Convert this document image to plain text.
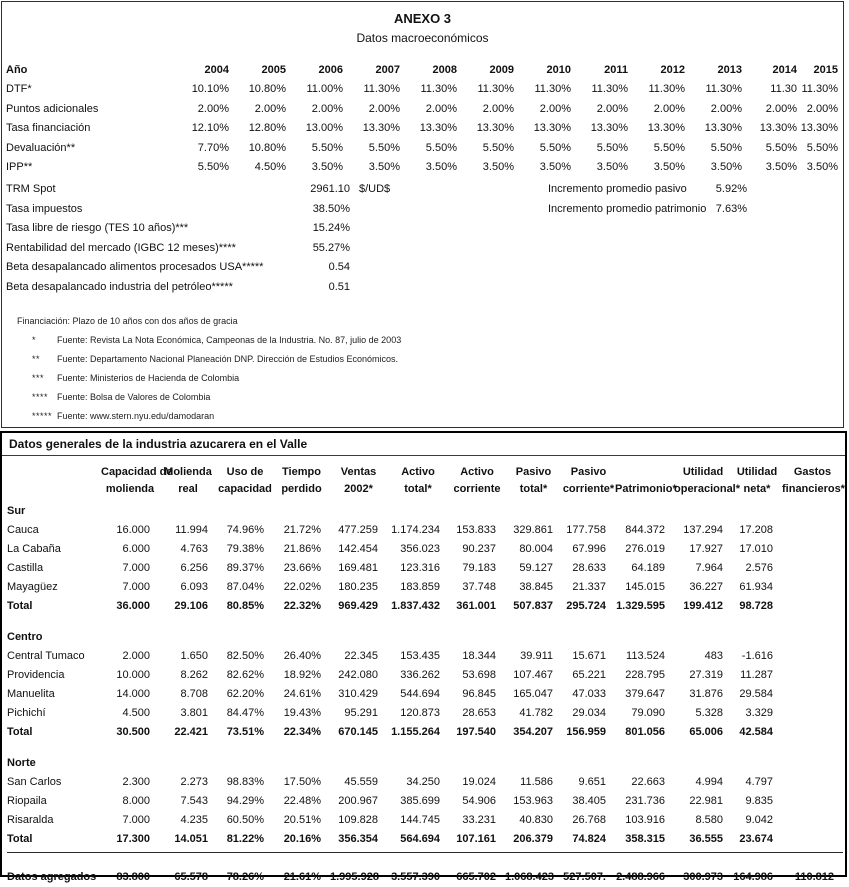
ANEXO 3
Datos macroeconómicos
Año	2004	2005	2006	2007	2008	2009	2010	2011	2012	2013	2014	2015
DTF*	10.10%	10.80%	11.00%	11.30%	11.30%	11.30%	11.30%	11.30%	11.30%	11.30%	11.30	11.30%
Puntos adicionales	2.00%	2.00%	2.00%	2.00%	2.00%	2.00%	2.00%	2.00%	2.00%	2.00%	2.00%	2.00%
Tasa financiación	12.10%	12.80%	13.00%	13.30%	13.30%	13.30%	13.30%	13.30%	13.30%	13.30%	13.30%	13.30%
Devaluación**	7.70%	10.80%	5.50%	5.50%	5.50%	5.50%	5.50%	5.50%	5.50%	5.50%	5.50%	5.50%
IPP**	5.50%	4.50%	3.50%	3.50%	3.50%	3.50%	3.50%	3.50%	3.50%	3.50%	3.50%	3.50%
TRM Spot	2961.10 $/UD$	Incremento promedio pasivo	5.92%
Tasa impuestos	38.50%	Incremento promedio patrimonio 7.63%
Tasa libre de riesgo (TES 10 años)***	15.24%
Rentabilidad del mercado (IGBC 12 meses)****	55.27%
Beta desapalancado alimentos procesados USA*****	0.54
Beta desapalancado industria del petróleo*****	0.51
Financiación: Plazo de 10 años con dos años de gracia
* Fuente: Revista La Nota Económica, Campeonas de la Industria. No. 87, julio de 2003
** Fuente: Departamento Nacional Planeación DNP. Dirección de Estudios Económicos.
*** Fuente: Ministerios de Hacienda de Colombia
**** Fuente: Bolsa de Valores de Colombia
***** Fuente: www.stern.nyu.edu/damodaran
Datos generales de la industria azucarera en el Valle
	Capacidad de	Molienda	Uso de	Tiempo	Ventas	Activo	Activo	Pasivo	Pasivo		Utilidad	Utilidad	Gastos
	molienda	real	capacidad	perdido	2002*	total*	corriente	total*	corriente*	Patrimonio*	operacional*	neta*	financieros*

Sur													
Cauca	16.000	11.994	74.96%	21.72%	477.259	1.174.234	153.833	329.861	177.758	844.372	137.294	17.208	
La Cabaña	6.000	4.763	79.38%	21.86%	142.454	356.023	90.237	80.004	67.996	276.019	17.927	17.010	
Castilla	7.000	6.256	89.37%	23.66%	169.481	123.316	79.183	59.127	28.633	64.189	7.964	2.576	
Mayagüez	7.000	6.093	87.04%	22.02%	180.235	183.859	37.748	38.845	21.337	145.015	36.227	61.934	
Total	36.000	29.106	80.85%	22.32%	969.429	1.837.432	361.001	507.837	295.724	1.329.595	199.412	98.728	

Centro													
Central Tumaco	2.000	1.650	82.50%	26.40%	22.345	153.435	18.344	39.911	15.671	113.524	483	-1.616	
Providencia	10.000	8.262	82.62%	18.92%	242.080	336.262	53.698	107.467	65.221	228.795	27.319	11.287	
Manuelita	14.000	8.708	62.20%	24.61%	310.429	544.694	96.845	165.047	47.033	379.647	31.876	29.584	
Pichichí	4.500	3.801	84.47%	19.43%	95.291	120.873	28.653	41.782	29.034	79.090	5.328	3.329	
Total	30.500	22.421	73.51%	22.34%	670.145	1.155.264	197.540	354.207	156.959	801.056	65.006	42.584	

Norte													
San Carlos	2.300	2.273	98.83%	17.50%	45.559	34.250	19.024	11.586	9.651	22.663	4.994	4.797	
Riopaila	8.000	7.543	94.29%	22.48%	200.967	385.699	54.906	153.963	38.405	231.736	22.981	9.835	
Risaralda	7.000	4.235	60.50%	20.51%	109.828	144.745	33.231	40.830	26.768	103.916	8.580	9.042	
Total	17.300	14.051	81.22%	20.16%	356.354	564.694	107.161	206.379	74.824	358.315	36.555	23.674	

Datos agregados	83.800	65.578	78.26%	21.61%	1.995.928	3.557.390	665.702	1.068.423	527.507.	2.488.966	300.973	164.986	110.812
